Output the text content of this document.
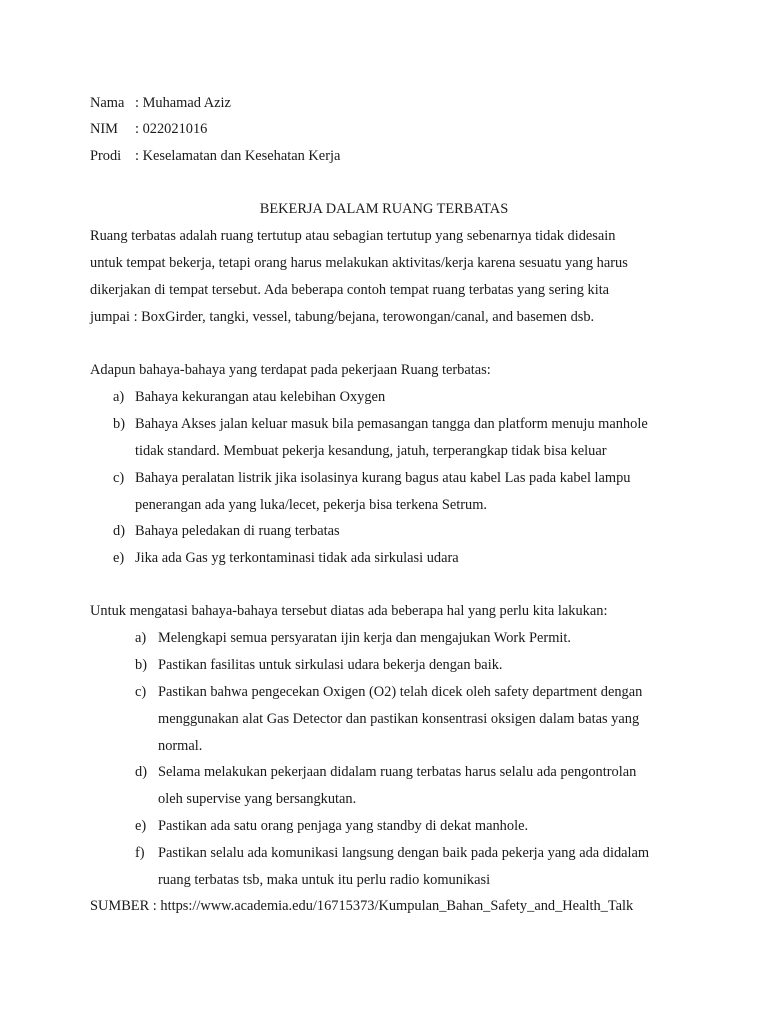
Nama : Muhamad Aziz
NIM : 022021016
Prodi : Keselamatan dan Kesehatan Kerja
BEKERJA DALAM RUANG TERBATAS
Ruang terbatas adalah ruang tertutup atau sebagian tertutup yang sebenarnya tidak didesain
untuk tempat bekerja, tetapi orang harus melakukan aktivitas/kerja karena sesuatu yang harus
dikerjakan di tempat tersebut. Ada beberapa contoh tempat ruang terbatas yang sering kita
jumpai : BoxGirder, tangki, vessel, tabung/bejana, terowongan/canal, and basemen dsb.
Adapun bahaya-bahaya yang terdapat pada pekerjaan Ruang terbatas:
a) Bahaya kekurangan atau kelebihan Oxygen
b) Bahaya Akses jalan keluar masuk bila pemasangan tangga dan platform menuju manhole
tidak standard. Membuat pekerja kesandung, jatuh, terperangkap tidak bisa keluar
c) Bahaya peralatan listrik jika isolasinya kurang bagus atau kabel Las pada kabel lampu
penerangan ada yang luka/lecet, pekerja bisa terkena Setrum.
d) Bahaya peledakan di ruang terbatas
e) Jika ada Gas yg terkontaminasi tidak ada sirkulasi udara
Untuk mengatasi bahaya-bahaya tersebut diatas ada beberapa hal yang perlu kita lakukan:
a) Melengkapi semua persyaratan ijin kerja dan mengajukan Work Permit.
b) Pastikan fasilitas untuk sirkulasi udara bekerja dengan baik.
c) Pastikan bahwa pengecekan Oxigen (O2) telah dicek oleh safety department dengan
menggunakan alat Gas Detector dan pastikan konsentrasi oksigen dalam batas yang
normal.
d) Selama melakukan pekerjaan didalam ruang terbatas harus selalu ada pengontrolan
oleh supervise yang bersangkutan.
e) Pastikan ada satu orang penjaga yang standby di dekat manhole.
f) Pastikan selalu ada komunikasi langsung dengan baik pada pekerja yang ada didalam
ruang terbatas tsb, maka untuk itu perlu radio komunikasi
SUMBER : https://www.academia.edu/16715373/Kumpulan_Bahan_Safety_and_Health_Talk
